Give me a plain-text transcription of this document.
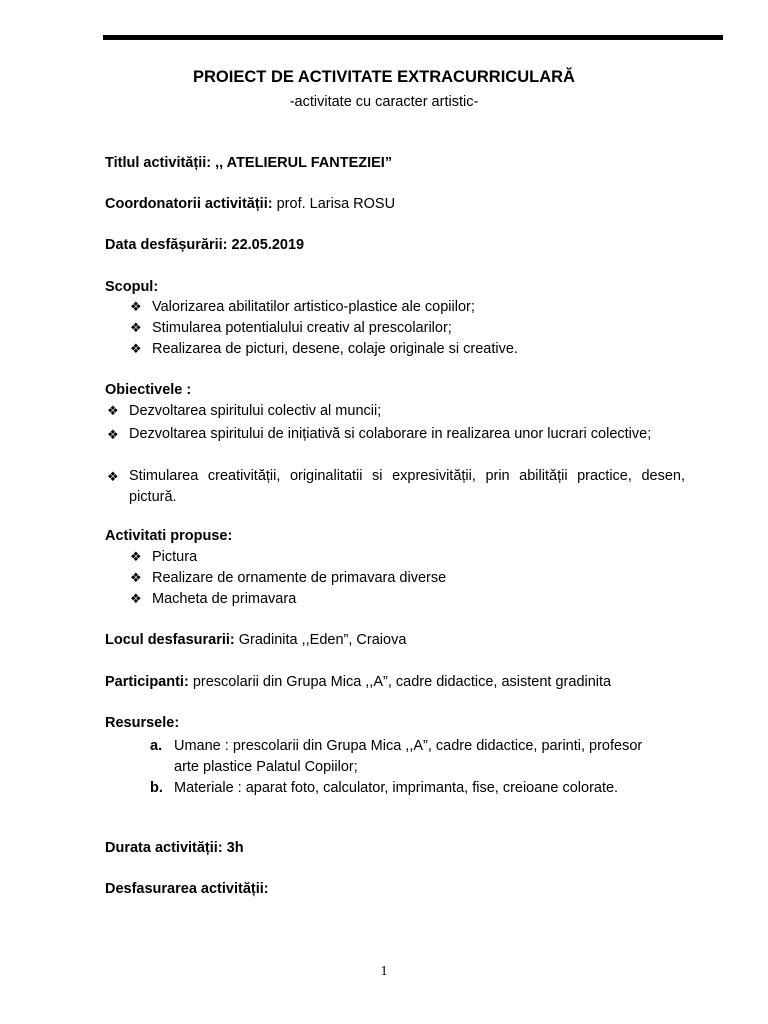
PROIECT DE ACTIVITATE EXTRACURRICULARĂ
-activitate cu caracter artistic-
Titlul activității: ,, ATELIERUL FANTEZIEI”
Coordonatorii activității: prof. Larisa ROSU
Data desfășurării: 22.05.2019
Scopul:
❖ Valorizarea abilitatilor artistico-plastice ale copiilor;
❖ Stimularea potentialului creativ al prescolarilor;
❖ Realizarea de picturi, desene, colaje originale si creative.
Obiectivele :
❖ Dezvoltarea spiritului colectiv al muncii;
❖ Dezvoltarea spiritului de inițiativă si colaborare in realizarea unor lucrari colective;
❖ Stimularea creativității, originalitatii si expresivității, prin abilitǎții practice, desen, pictură.
Activitati propuse:
❖ Pictura
❖ Realizare de ornamente de primavara diverse
❖ Macheta de primavara
Locul desfasurarii: Gradinita ,,Eden”, Craiova
Participanti: prescolarii din Grupa Mica ,,A”, cadre didactice, asistent gradinita
Resursele:
a. Umane : prescolarii din Grupa Mica ,,A”, cadre didactice, parinti, profesor arte plastice Palatul Copiilor;
b. Materiale : aparat foto, calculator, imprimanta, fise, creioane colorate.
Durata activității: 3h
Desfasurarea activității:
1
